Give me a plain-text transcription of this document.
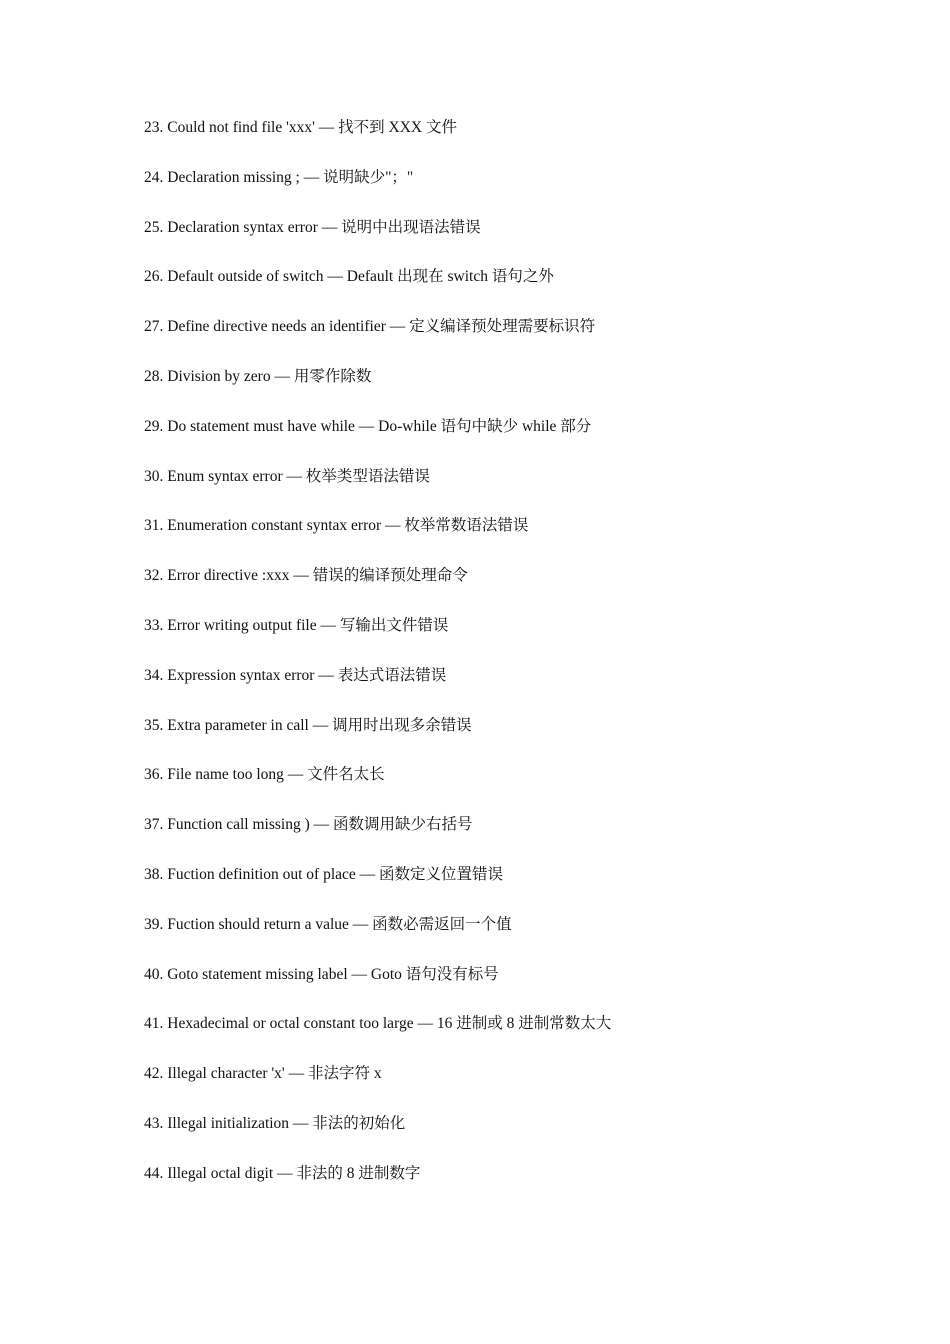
23. Could not find file 'xxx' — 找不到 XXX 文件
24. Declaration missing ; — 说明缺少"；"
25. Declaration syntax error — 说明中出现语法错误
26. Default outside of switch — Default 出现在 switch 语句之外
27. Define directive needs an identifier — 定义编译预处理需要标识符
28. Division by zero — 用零作除数
29. Do statement must have while — Do-while 语句中缺少 while 部分
30. Enum syntax error — 枚举类型语法错误
31. Enumeration constant syntax error — 枚举常数语法错误
32. Error directive :xxx — 错误的编译预处理命令
33. Error writing output file — 写输出文件错误
34. Expression syntax error — 表达式语法错误
35. Extra parameter in call — 调用时出现多余错误
36. File name too long — 文件名太长
37. Function call missing ) — 函数调用缺少右括号
38. Fuction definition out of place — 函数定义位置错误
39. Fuction should return a value — 函数必需返回一个值
40. Goto statement missing label — Goto 语句没有标号
41. Hexadecimal or octal constant too large — 16 进制或 8 进制常数太大
42. Illegal character 'x' — 非法字符 x
43. Illegal initialization — 非法的初始化
44. Illegal octal digit — 非法的 8 进制数字
